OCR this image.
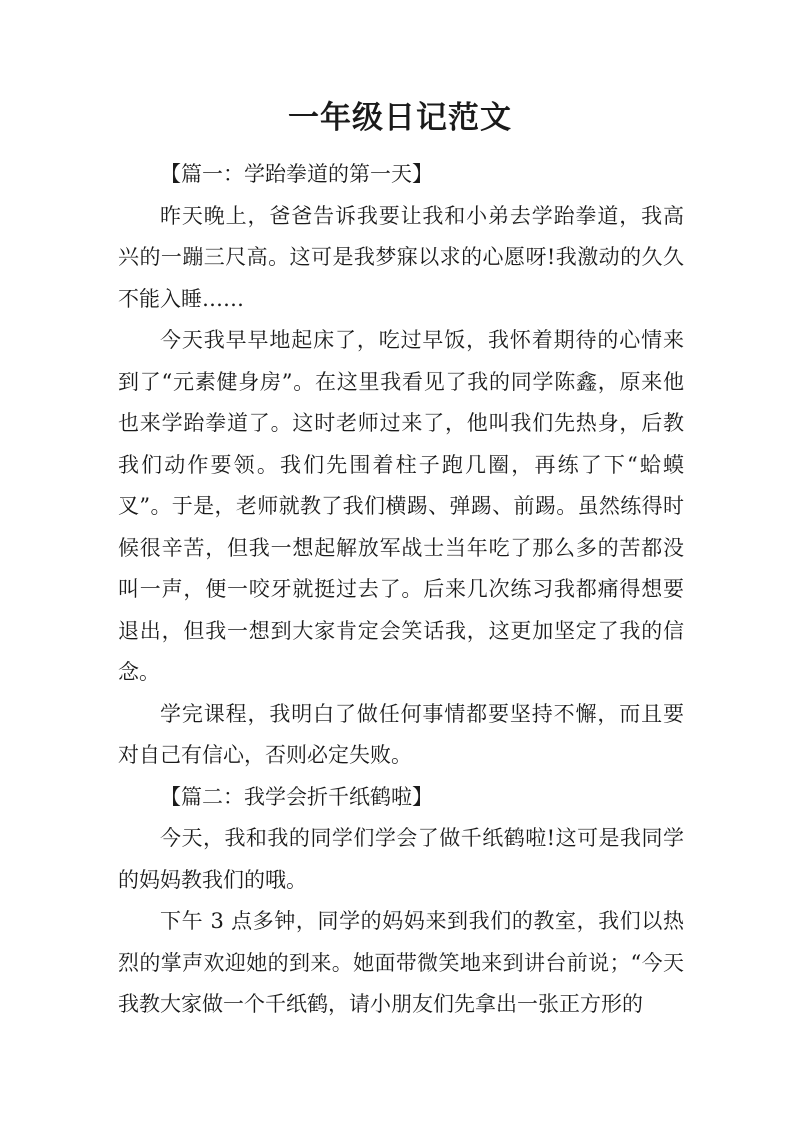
一年级日记范文

【篇一：学跆拳道的第一天】

昨天晚上，爸爸告诉我要让我和小弟去学跆拳道，我高兴的一蹦三尺高。这可是我梦寐以求的心愿呀!我激动的久久不能入睡……

今天我早早地起床了，吃过早饭，我怀着期待的心情来到了“元素健身房”。在这里我看见了我的同学陈鑫，原来他也来学跆拳道了。这时老师过来了，他叫我们先热身，后教我们动作要领。我们先围着柱子跑几圈，再练了下“蛤蟆叉”。于是，老师就教了我们横踢、弹踢、前踢。虽然练得时候很辛苦，但我一想起解放军战士当年吃了那么多的苦都没叫一声，便一咬牙就挺过去了。后来几次练习我都痛得想要退出，但我一想到大家肯定会笑话我，这更加坚定了我的信念。

学完课程，我明白了做任何事情都要坚持不懈，而且要对自己有信心，否则必定失败。

【篇二：我学会折千纸鹤啦】

今天，我和我的同学们学会了做千纸鹤啦!这可是我同学的妈妈教我们的哦。

下午 3 点多钟，同学的妈妈来到我们的教室，我们以热烈的掌声欢迎她的到来。她面带微笑地来到讲台前说；“今天我教大家做一个千纸鹤，请小朋友们先拿出一张正方形的
